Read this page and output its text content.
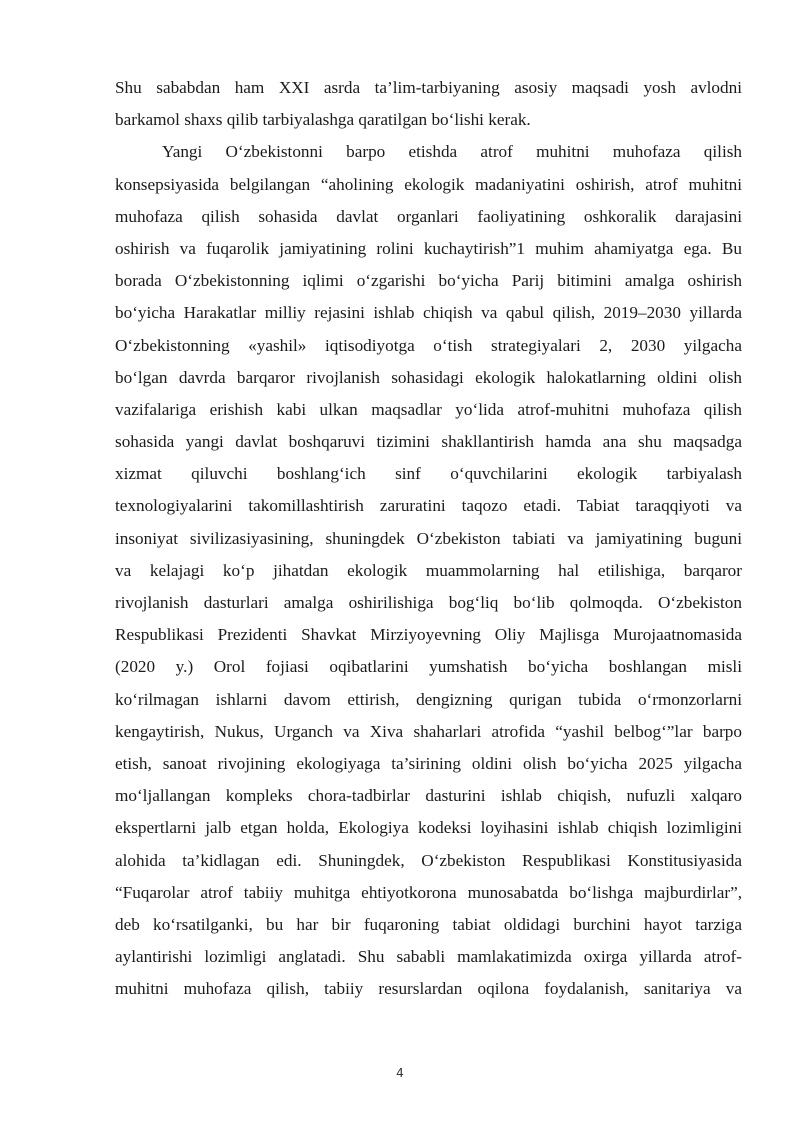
Shu sababdan ham XXI asrda ta’lim-tarbiyaning asosiy maqsadi yosh avlodni
barkamol shaxs qilib tarbiyalashga qaratilgan bo‘lishi kerak.
Yangi O‘zbekistonni barpo etishda atrof muhitni muhofaza qilish
konsepsiyasida belgilangan “aholining ekologik madaniyatini oshirish, atrof muhitni
muhofaza qilish sohasida davlat organlari faoliyatining oshkoralik darajasini
oshirish va fuqarolik jamiyatining rolini kuchaytirish”1 muhim ahamiyatga ega. Bu
borada O‘zbekistonning iqlimi o‘zgarishi bo‘yicha Parij bitimini amalga oshirish
bo‘yicha Harakatlar milliy rejasini ishlab chiqish va qabul qilish, 2019–2030 yillarda
O‘zbekistonning «yashil» iqtisodiyotga o‘tish strategiyalari 2, 2030 yilgacha
bo‘lgan davrda barqaror rivojlanish sohasidagi ekologik halokatlarning oldini olish
vazifalariga erishish kabi ulkan maqsadlar yo‘lida atrof-muhitni muhofaza qilish
sohasida yangi davlat boshqaruvi tizimini shakllantirish hamda ana shu maqsadga
xizmat qiluvchi boshlang‘ich sinf o‘quvchilarini ekologik tarbiyalash
texnologiyalarini takomillashtirish zaruratini taqozo etadi. Tabiat taraqqiyoti va
insoniyat sivilizasiyasining, shuningdek O‘zbekiston tabiati va jamiyatining buguni
va kelajagi ko‘p jihatdan ekologik muammolarning hal etilishiga, barqaror
rivojlanish dasturlari amalga oshirilishiga bog‘liq bo‘lib qolmoqda. O‘zbekiston
Respublikasi Prezidenti Shavkat Mirziyoyevning Oliy Majlisga Murojaatnomasida
(2020 y.) Orol fojiasi oqibatlarini yumshatish bo‘yicha boshlangan misli
ko‘rilmagan ishlarni davom ettirish, dengizning qurigan tubida o‘rmonzorlarni
kengaytirish, Nukus, Urganch va Xiva shaharlari atrofida “yashil belbog‘”lar barpo
etish, sanoat rivojining ekologiyaga ta’sirining oldini olish bo‘yicha 2025 yilgacha
mo‘ljallangan kompleks chora-tadbirlar dasturini ishlab chiqish, nufuzli xalqaro
ekspertlarni jalb etgan holda, Ekologiya kodeksi loyihasini ishlab chiqish lozimligini
alohida ta’kidlagan edi. Shuningdek, O‘zbekiston Respublikasi Konstitusiyasida
“Fuqarolar atrof tabiiy muhitga ehtiyotkorona munosabatda bo‘lishga majburdirlar”,
deb ko‘rsatilganki, bu har bir fuqaroning tabiat oldidagi burchini hayot tarziga
aylantirishi lozimligi anglatadi. Shu sababli mamlakatimizda oxirga yillarda atrof-
muhitni muhofaza qilish, tabiiy resurslardan oqilona foydalanish, sanitariya va
4
